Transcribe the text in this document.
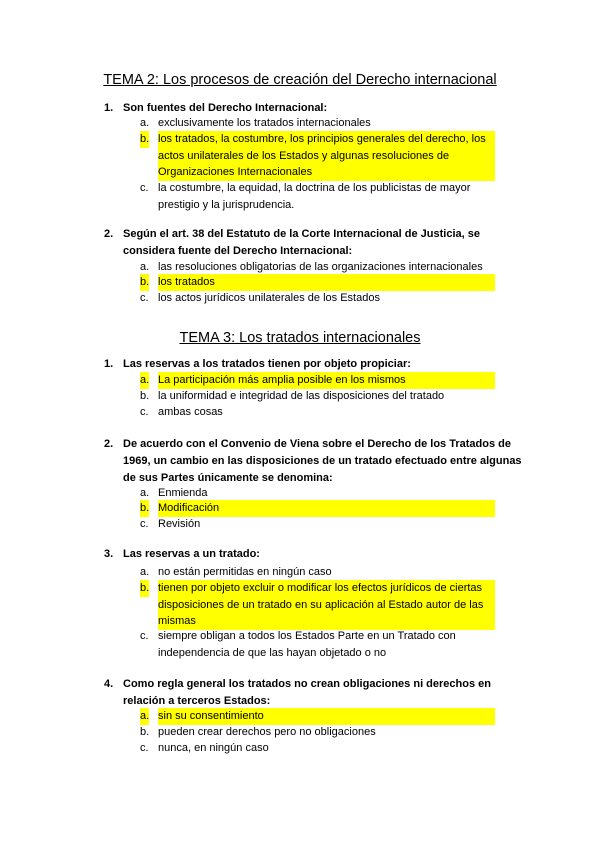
TEMA 2: Los procesos de creación del Derecho internacional
1. Son fuentes del Derecho Internacional:
a. exclusivamente los tratados internacionales
b. los tratados, la costumbre, los principios generales del derecho, los actos unilaterales de los Estados y algunas resoluciones de Organizaciones Internacionales
c. la costumbre, la equidad, la doctrina de los publicistas de mayor prestigio y la jurisprudencia.
2. Según el art. 38 del Estatuto de la Corte Internacional de Justicia, se considera fuente del Derecho Internacional:
a. las resoluciones obligatorias de las organizaciones internacionales
b. los tratados
c. los actos jurídicos unilaterales de los Estados
TEMA 3: Los tratados internacionales
1. Las reservas a los tratados tienen por objeto propiciar:
a. La participación más amplia posible en los mismos
b. la uniformidad e integridad de las disposiciones del tratado
c. ambas cosas
2. De acuerdo con el Convenio de Viena sobre el Derecho de los Tratados de 1969, un cambio en las disposiciones de un tratado efectuado entre algunas de sus Partes únicamente se denomina:
a. Enmienda
b. Modificación
c. Revisión
3. Las reservas a un tratado:
a. no están permitidas en ningún caso
b. tienen por objeto excluir o modificar los efectos jurídicos de ciertas disposiciones de un tratado en su aplicación al Estado autor de las mismas
c. siempre obligan a todos los Estados Parte en un Tratado con independencia de que las hayan objetado o no
4. Como regla general los tratados no crean obligaciones ni derechos en relación a terceros Estados:
a. sin su consentimiento
b. pueden crear derechos pero no obligaciones
c. nunca, en ningún caso
